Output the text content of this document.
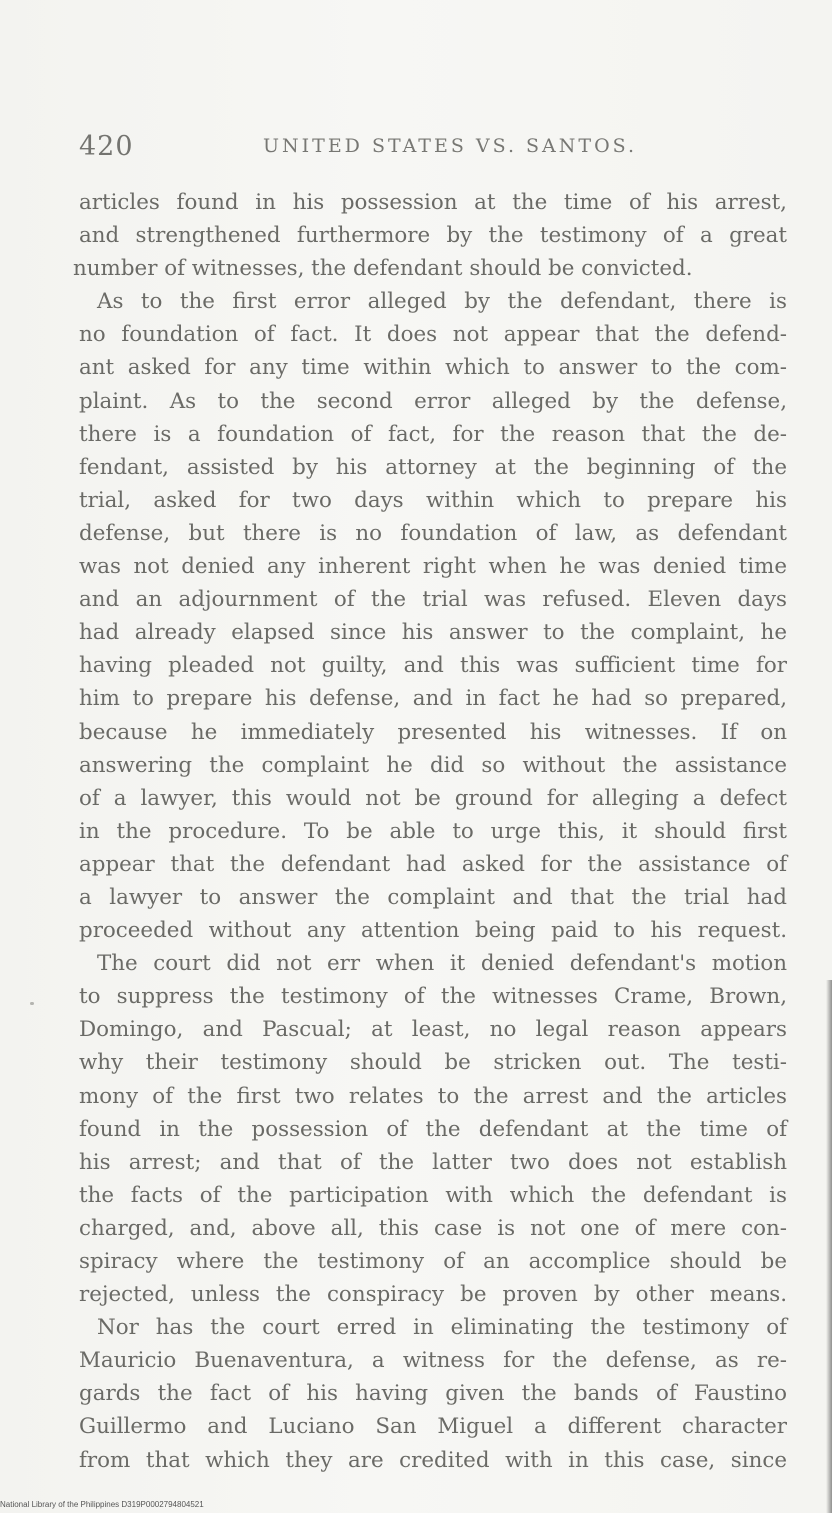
420	UNITED STATES VS. SANTOS.
articles found in his possession at the time of his arrest,
and strengthened furthermore by the testimony of a great
number of witnesses, the defendant should be convicted.
As to the first error alleged by the defendant, there is
no foundation of fact. It does not appear that the defend-
ant asked for any time within which to answer to the com-
plaint. As to the second error alleged by the defense,
there is a foundation of fact, for the reason that the de-
fendant, assisted by his attorney at the beginning of the
trial, asked for two days within which to prepare his
defense, but there is no foundation of law, as defendant
was not denied any inherent right when he was denied time
and an adjournment of the trial was refused. Eleven days
had already elapsed since his answer to the complaint, he
having pleaded not guilty, and this was sufficient time for
him to prepare his defense, and in fact he had so prepared,
because he immediately presented his witnesses. If on
answering the complaint he did so without the assistance
of a lawyer, this would not be ground for alleging a defect
in the procedure. To be able to urge this, it should first
appear that the defendant had asked for the assistance of
a lawyer to answer the complaint and that the trial had
proceeded without any attention being paid to his request.
The court did not err when it denied defendant's motion
to suppress the testimony of the witnesses Crame, Brown,
Domingo, and Pascual; at least, no legal reason appears
why their testimony should be stricken out. The testi-
mony of the first two relates to the arrest and the articles
found in the possession of the defendant at the time of
his arrest; and that of the latter two does not establish
the facts of the participation with which the defendant is
charged, and, above all, this case is not one of mere con-
spiracy where the testimony of an accomplice should be
rejected, unless the conspiracy be proven by other means.
Nor has the court erred in eliminating the testimony of
Mauricio Buenaventura, a witness for the defense, as re-
gards the fact of his having given the bands of Faustino
Guillermo and Luciano San Miguel a different character
from that which they are credited with in this case, since
National Library of the Philippines D319P0002794804521
